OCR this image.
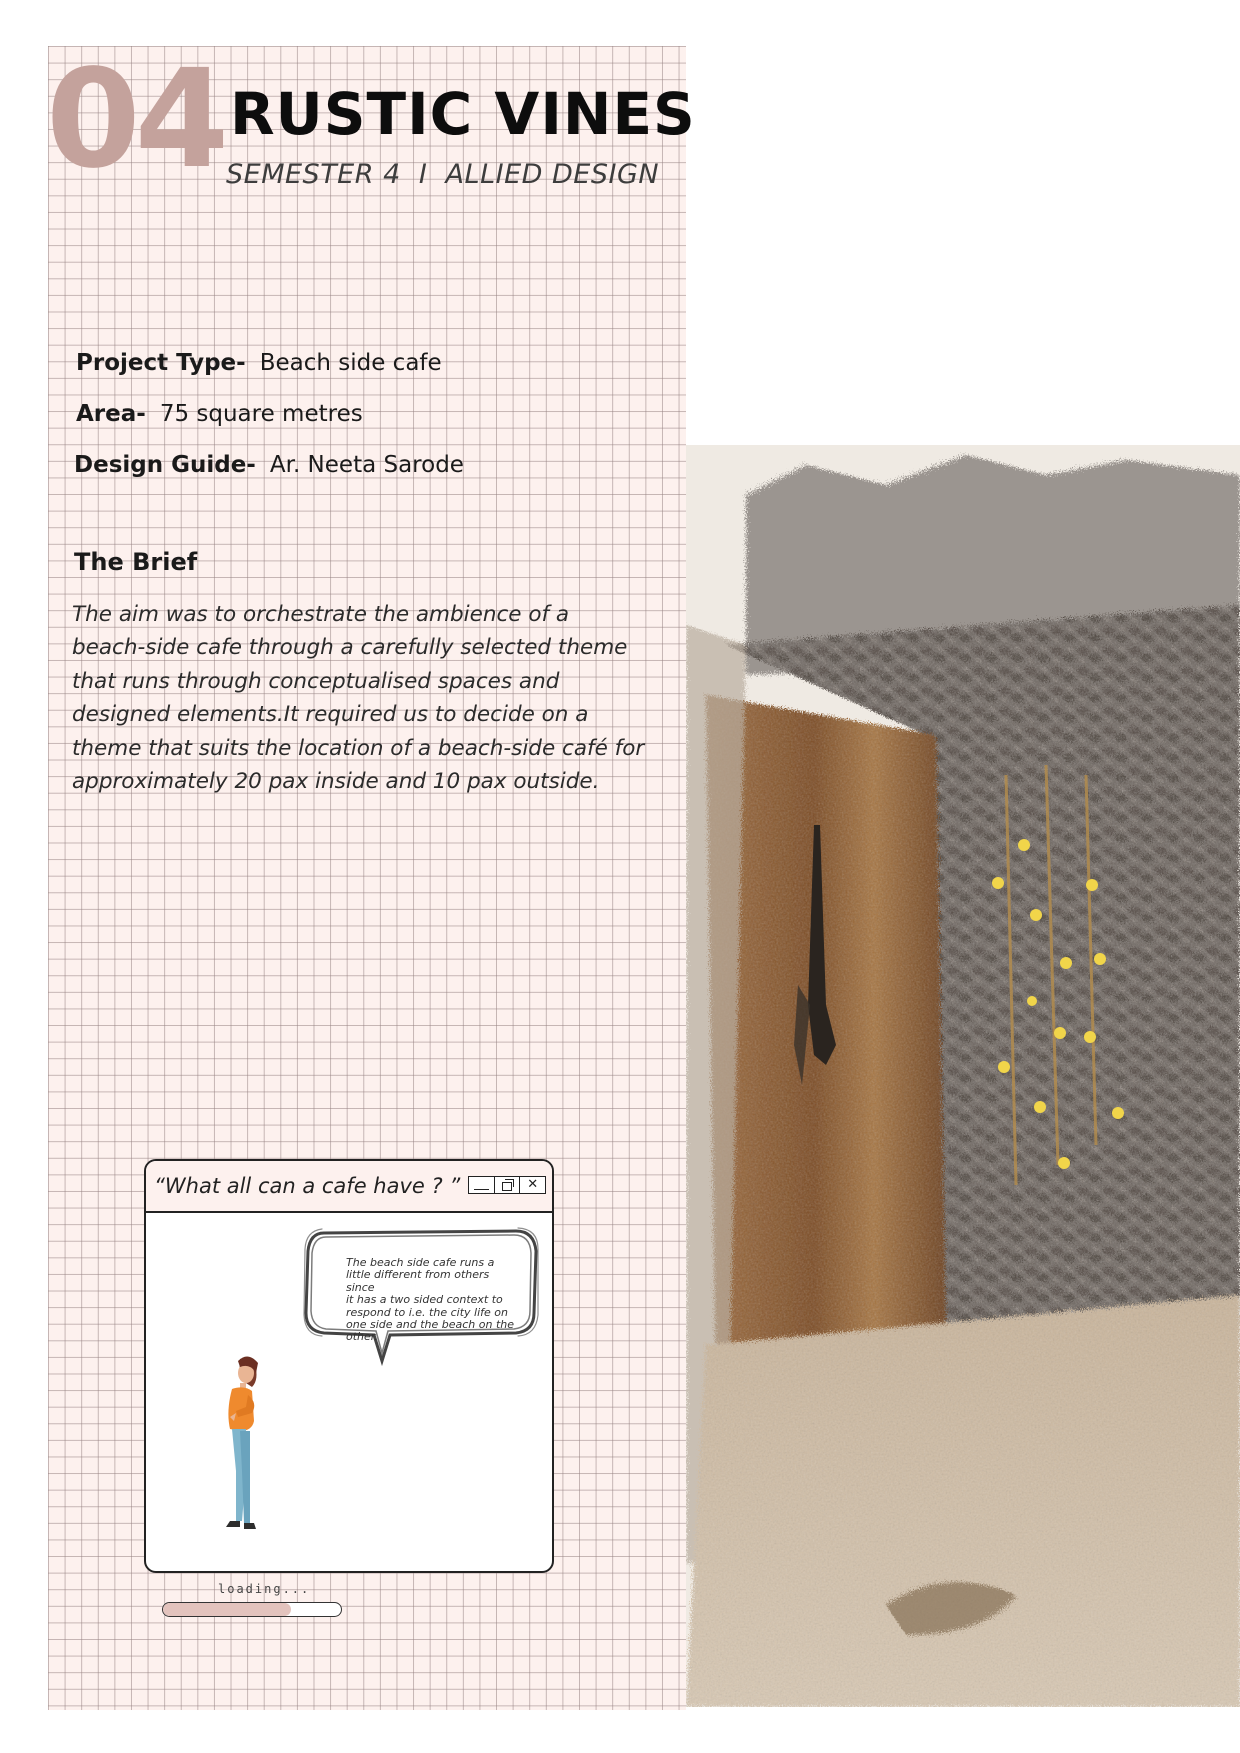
04 RUSTIC VINES
SEMESTER 4  I  ALLIED DESIGN
Project Type- Beach side cafe
Area- 75 square metres
Design Guide- Ar. Neeta Sarode
The Brief
The aim was to orchestrate the ambience of a
beach-side cafe through a carefully selected theme
that runs through conceptualised spaces and
designed elements.It required us to decide on a
theme that suits the location of a beach-side café for
approximately 20 pax inside and 10 pax outside.
“What all can a cafe have ? ”	✕
The beach side cafe runs a
little different from others since
it has a two sided context to
respond to i.e. the city life on
one side and the beach on the
other.
loading...
